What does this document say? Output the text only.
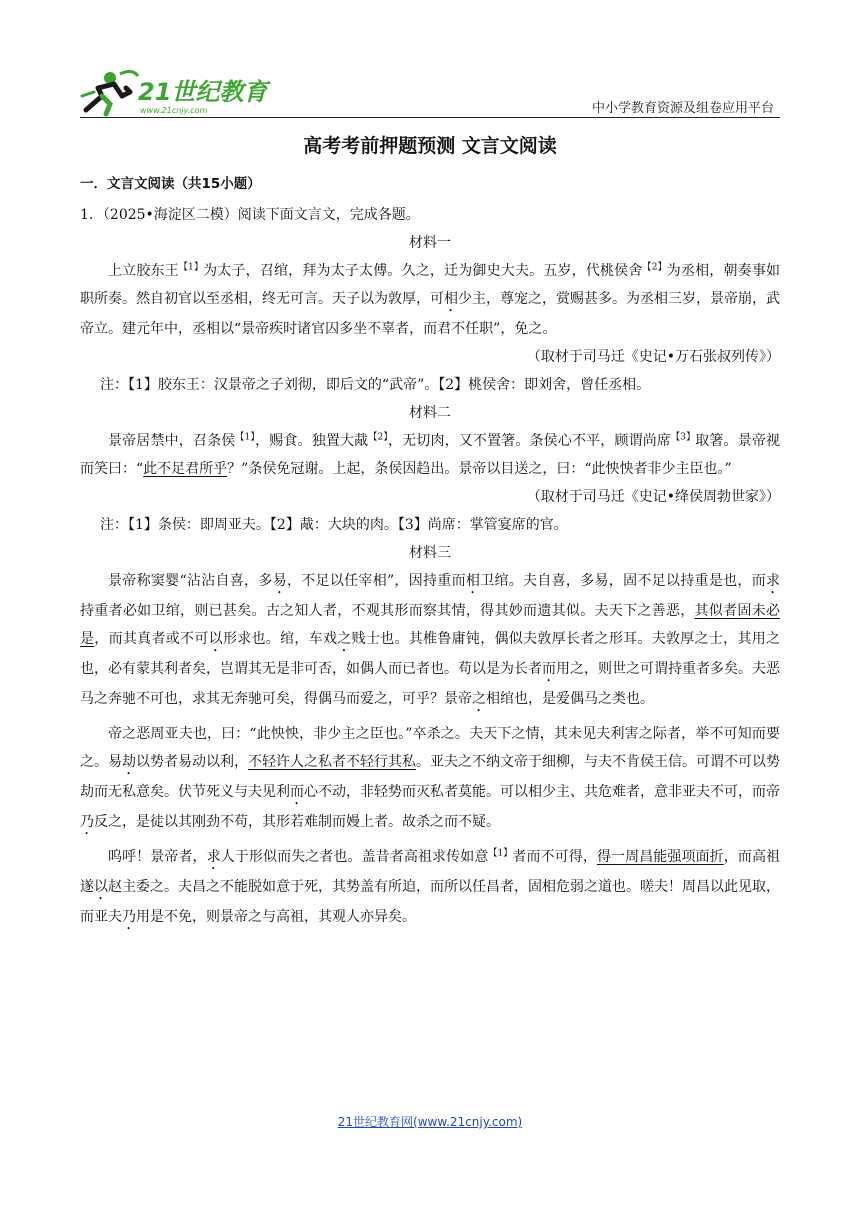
21世纪教育
www.21cnjy.com	中小学教育资源及组卷应用平台
高考考前押题预测 文言文阅读

一．文言文阅读（共15小题）

1．（2025•海淀区二模）阅读下面文言文，完成各题。

材料一

上立胶东王$^{【1】}$为太子，召绾，拜为太子太傅。久之，迁为御史大夫。五岁，代桃侯舍$^{【2】}$为丞相，朝奏事如职所奏。然自初官以至丞相，终无可言。天子以为敦厚，可相少主，尊宠之，赏赐甚多。为丞相三岁，景帝崩，武帝立。建元年中，丞相以“景帝疾时诸官囚多坐不辜者，而君不任职”，免之。

（取材于司马迁《史记•万石张叔列传》）

注：【1】胶东王：汉景帝之子刘彻，即后文的“武帝”。【2】桃侯舍：即刘舍，曾任丞相。

材料二

景帝居禁中，召条侯$^{【1】}$，赐食。独置大胾$^{【2】}$，无切肉，又不置箸。条侯心不平，顾谓尚席$^{【3】}$取箸。景帝视而笑曰：“此不足君所乎？”条侯免冠谢。上起，条侯因趋出。景帝以目送之，曰：“此怏怏者非少主臣也。”

（取材于司马迁《史记•绛侯周勃世家》）

注：【1】条侯：即周亚夫。【2】胾：大块的肉。【3】尚席：掌管宴席的官。

材料三

景帝称窦婴“沾沾自喜，多易，不足以任宰相”，因持重而相卫绾。夫自喜，多易，固不足以持重是也，而求持重者必如卫绾，则已甚矣。古之知人者，不观其形而察其情，得其妙而遗其似。夫天下之善恶，其似者固未必是，而其真者或不可以形求也。绾，车戏之贱士也。其椎鲁庸钝，偶似夫敦厚长者之形耳。夫敦厚之士，其用之也，必有蒙其利者矣，岂谓其无是非可否，如偶人而已者也。苟以是为长者而用之，则世之可谓持重者多矣。夫恶马之奔驰不可也，求其无奔驰可矣，得偶马而爱之，可乎？景帝之相绾也，是爱偶马之类也。

帝之恶周亚夫也，曰：“此怏怏，非少主之臣也。”卒杀之。夫天下之情，其未见夫利害之际者，举不可知而要之。易劫以势者易动以利，不轻许人之私者不轻行其私。亚夫之不纳文帝于细柳，与夫不肯侯王信。可谓不可以势劫而无私意矣。伏节死义与夫见利而心不动，非轻势而灭私者莫能。可以相少主、共危难者，意非亚夫不可，而帝乃反之，是徒以其刚劲不苟，其形若难制而嫚上者。故杀之而不疑。

呜呼！景帝者，求人于形似而失之者也。盖昔者高祖求传如意$^{【1】}$者而不可得，得一周昌能强项面折，而高祖遂以赵主委之。夫昌之不能脱如意于死，其势盖有所迫，而所以任昌者，固相危弱之道也。嗟夫！周昌以此见取，而亚夫乃用是不免，则景帝之与高祖，其观人亦异矣。

21世纪教育网(www.21cnjy.com)
